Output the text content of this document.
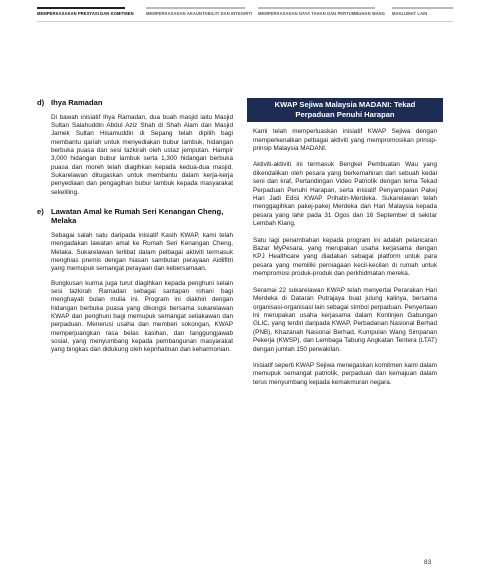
MEMPERKASAKAN PRESTASI DAN KOMITMEN	MEMPERKASAKAN AKAUNTABILITI DAN INTEGRITI MEMPERKASAKAN DAYA TAHAN DAN PERTUMBUHAN WANG MAKLUMAT LAIN
d) Ihya Ramadan

Di bawah inisiatif Ihya Ramadan, dua buah masjid iaitu Masjid Sultan Salahuddin Abdul Aziz Shah di Shah Alam dan Masjid Jamek Sultan Hisamuddin di Sepang telah dipilih bagi membantu qariah untuk menyediakan bubur lambuk, hidangan berbuka puasa dan sesi tazkirah oleh ustaz jemputan. Hampir 3,000 hidangan bubur lambuk serta 1,300 hidangan berbuka puasa dan moreh telah diagihkan kepada kedua-dua masjid. Sukarelawan ditugaskan untuk membantu dalam kerja-kerja penyediaan dan pengagihan bubur lambuk kepada masyarakat sekeliling.

e) Lawatan Amal ke Rumah Seri Kenangan Cheng, Melaka

Sebagai salah satu daripada inisiatif Kasih KWAP, kami telah mengadakan lawatan amal ke Rumah Seri Kenangan Cheng, Melaka. Sukarelawan terlibat dalam pelbagai aktiviti termasuk menghias premis dengan hiasan sambutan perayaan Aidilfitri yang memupuk semangat perayaan dan kebersamaan.

Bungkusan kurma juga turut diagihkan kepada penghuni selain sesi tazkirah Ramadan sebagai santapan rohani bagi menghayati bulan mulia ini. Program ini diakhiri dengan hidangan berbuka puasa yang dikongsi bersama sukarelawan KWAP dan penghuni bagi memupuk semangat setiakawan dan perpaduan. Menerusi usaha dan memberi sokongan, KWAP memperjuangkan rasa belas kasihan, dan tanggungjawab sosial, yang menyumbang kepada pembangunan masyarakat yang bingkas dan didukung oleh keprihatinan dan keharmonian.

KWAP Sejiwa Malaysia MADANI: Tekad Perpaduan Penuhi Harapan

Kami telah memperluaskan inisiatif KWAP Sejiwa dengan memperkenalkan pelbagai aktiviti yang mempromosikan prinsip-prinsip Malaysia MADANI.

Aktiviti-aktiviti ini termasuk Bengkel Pembuatan Wau yang dikendalikan oleh pesara yang berkemahiran dari sebuah kedai seni dan kraf, Pertandingan Video Patriotik dengan tema Tekad Perpaduan Penuhi Harapan, serta inisiatif Penyampaian Pakej Hari Jadi Edisi KWAP Prihatin-Merdeka. Sukarelawan telah menggagihkan pakej-pakej Merdeka dan Hari Malaysia kepada pesara yang lahir pada 31 Ogos dan 16 September di sekitar Lembah Klang.

Satu lagi penambahan kepada program ini adalah pelancaran Bazar MyPesara, yang merupakan usaha kerjasama dengan KPJ Healthcare yang diadakan sebagai platform untuk para pesara yang memiliki perniagaan kecil-kecilan di rumah untuk mempromosi produk-produk dan perkhidmatan mereka.

Seramai 22 sukarelawan KWAP telah menyertai Perarakan Hari Merdeka di Dataran Putrajaya buat julung kalinya, bersama organisasi-organisasi lain sebagai simbol perpaduan. Penyertaan ini merupakan usaha kerjasama dalam Kontinjen Gabungan GLIC, yang terdiri daripada KWAP, Perbadanan Nasional Berhad (PNB), Khazanah Nasional Berhad, Kumpulan Wang Simpanan Pekerja (KWSP), dan Lembaga Tabung Angkatan Tentera (LTAT) dengan jumlah 150 perwakilan.

Inisiatif seperti KWAP Sejiwa menegaskan komitmen kami dalam memupuk semangat patriotik, perpaduan dan kemajuan dalam terus menyumbang kepada kemakmuran negara.

83
